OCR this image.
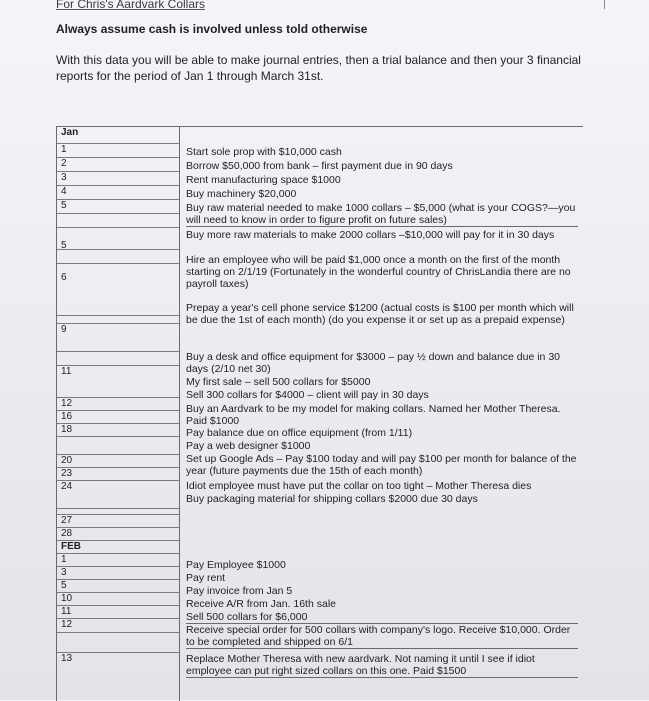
For Chris's Aardvark Collars
Always assume cash is involved unless told otherwise
With this data you will be able to make journal entries, then a trial balance and then your 3 financial reports for the period of Jan 1 through March 31st.
Jan
1
2
3
4
5
5
6
9
11
12
16
18
20
23
24
27
28
FEB
1
3
5
10
11
12
13
Start sole prop with $10,000 cash
Borrow $50,000 from bank – first payment due in 90 days
Rent manufacturing space $1000
Buy machinery $20,000
Buy raw material needed to make 1000 collars – $5,000 (what is your COGS?—you will need to know in order to figure profit on future sales)
Buy more raw materials to make 2000 collars –$10,000 will pay for it in 30 days
Hire an employee who will be paid $1,000 once a month on the first of the month starting on 2/1/19 (Fortunately in the wonderful country of ChrisLandia there are no payroll taxes)
Prepay a year's cell phone service $1200 (actual costs is $100 per month which will be due the 1st of each month) (do you expense it or set up as a prepaid expense)
Buy a desk and office equipment for $3000 – pay ½ down and balance due in 30 days (2/10 net 30)
My first sale – sell 500 collars for $5000
Sell 300 collars for $4000 – client will pay in 30 days
Buy an Aardvark to be my model for making collars. Named her Mother Theresa. Paid $1000
Pay balance due on office equipment (from 1/11)
Pay a web designer $1000
Set up Google Ads – Pay $100 today and will pay $100 per month for balance of the year (future payments due the 15th of each month)
Idiot employee must have put the collar on too tight – Mother Theresa dies
Buy packaging material for shipping collars $2000 due 30 days
Pay Employee $1000
Pay rent
Pay invoice from Jan 5
Receive A/R from Jan. 16th sale
Sell 500 collars for $6,000
Receive special order for 500 collars with company's logo. Receive $10,000. Order to be completed and shipped on 6/1
Replace Mother Theresa with new aardvark. Not naming it until I see if idiot employee can put right sized collars on this one. Paid $1500
